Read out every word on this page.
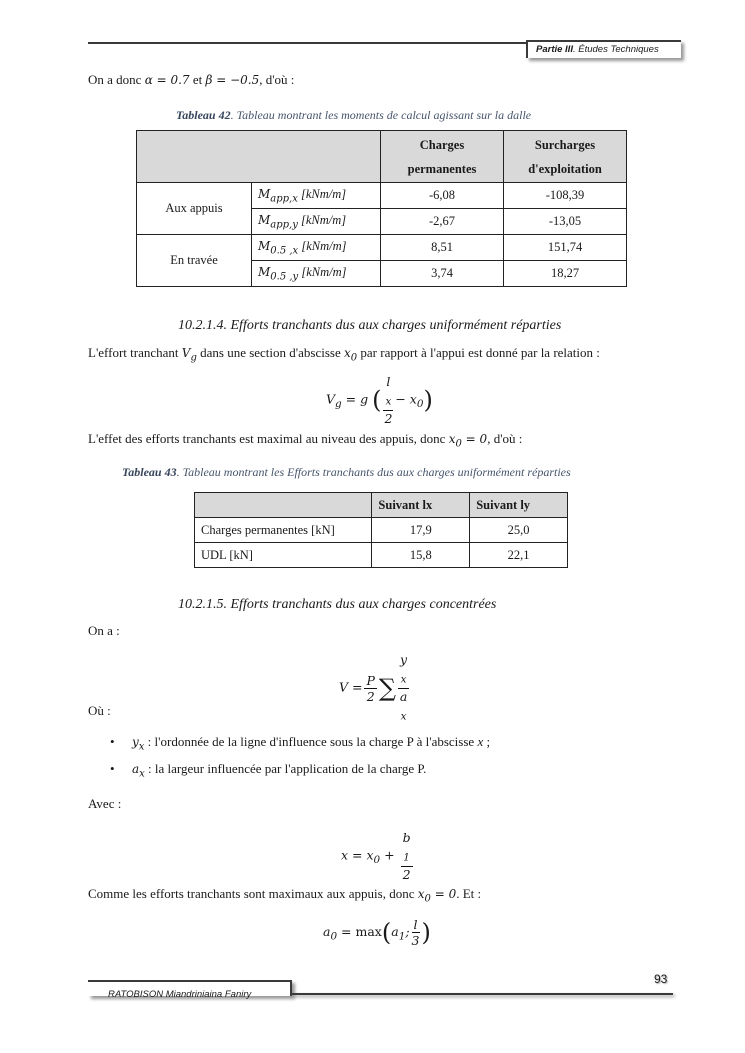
Partie III. Études Techniques
On a donc α = 0.7 et β = −0.5, d'où :
Tableau 42. Tableau montrant les moments de calcul agissant sur la dalle
		Charges permanentes	Surcharges d'exploitation
Aux appuis	$M_{app,x}$ [kNm/m]	-6,08	-108,39
	$M_{app,y}$ [kNm/m]	-2,67	-13,05
En travée	$M_{0.5 ,x}$ [kNm/m]	8,51	151,74
	$M_{0.5 ,y}$ [kNm/m]	3,74	18,27
10.2.1.4. Efforts tranchants dus aux charges uniformément réparties
L'effort tranchant $V_g$ dans une section d'abscisse $x_0$ par rapport à l'appui est donné par la relation :
$V_g = g$ ( l
$_x$
$2 - x_0$)
L'effet des efforts tranchants est maximal au niveau des appuis, donc $x_0 = 0$, d'où :
Tableau 43. Tableau montrant les Efforts tranchants dus aux charges uniformément réparties
	Suivant lx	Suivant ly
Charges permanentes [kN]	17,9	25,0
UDL [kN]	15,8	22,1
10.2.1.5. Efforts tranchants dus aux charges concentrées
On a :
$V = \frac{P}{2}$ ∑ y
$_x$
a
$_x$
Où :
• $y_x$ : l'ordonnée de la ligne d'influence sous la charge P à l'abscisse x ;
• $a_x$ : la largeur influencée par l'application de la charge P.
Avec :
$x = x_0 + b$
$_1$
2
Comme les efforts tranchants sont maximaux aux appuis, donc $x_0 = 0$. Et :
$a_0 = \max(a_1$; $\frac{l}{3}$ )
93
RATOBISON Miandriniaina Faniry
